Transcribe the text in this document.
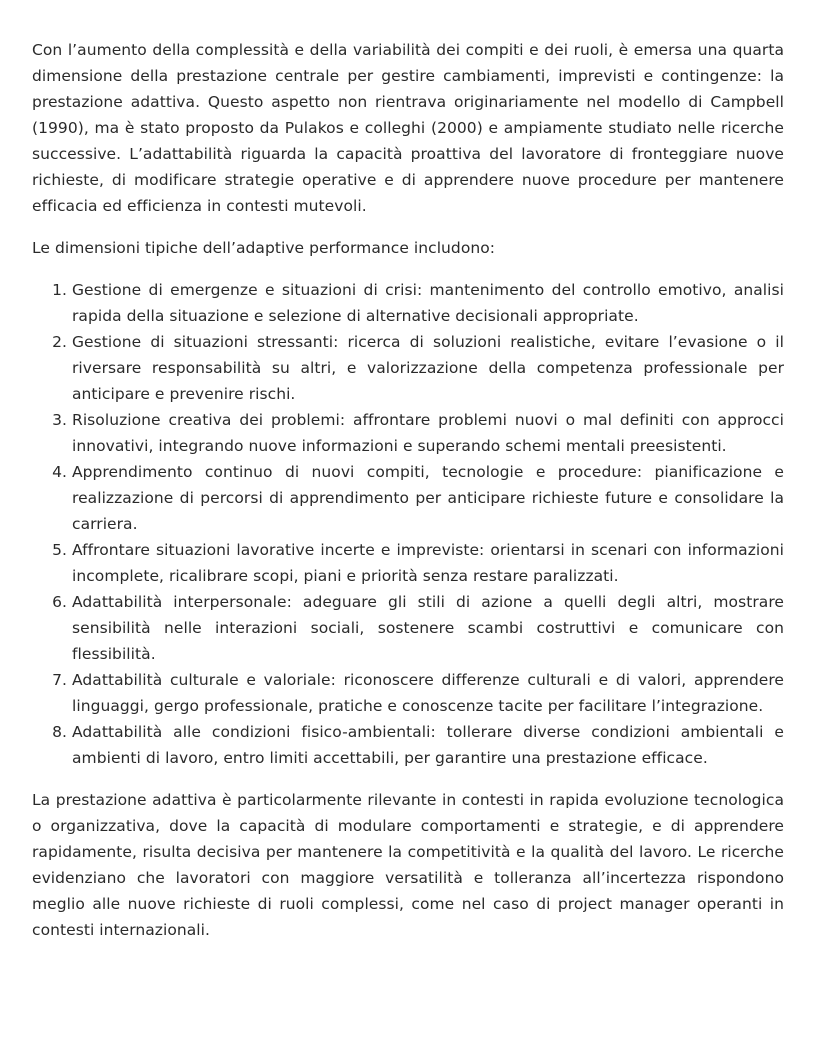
Con l’aumento della complessità e della variabilità dei compiti e dei ruoli, è emersa una quarta dimensione della prestazione centrale per gestire cambiamenti, imprevisti e contingenze: la prestazione adattiva. Questo aspetto non rientrava originariamente nel modello di Campbell (1990), ma è stato proposto da Pulakos e colleghi (2000) e ampiamente studiato nelle ricerche successive. L’adattabilità riguarda la capacità proattiva del lavoratore di fronteggiare nuove richieste, di modificare strategie operative e di apprendere nuove procedure per mantenere efficacia ed efficienza in contesti mutevoli.

Le dimensioni tipiche dell’adaptive performance includono:

1. Gestione di emergenze e situazioni di crisi: mantenimento del controllo emotivo, analisi rapida della situazione e selezione di alternative decisionali appropriate.
2. Gestione di situazioni stressanti: ricerca di soluzioni realistiche, evitare l’evasione o il riversare responsabilità su altri, e valorizzazione della competenza professionale per anticipare e prevenire rischi.
3. Risoluzione creativa dei problemi: affrontare problemi nuovi o mal definiti con approcci innovativi, integrando nuove informazioni e superando schemi mentali preesistenti.
4. Apprendimento continuo di nuovi compiti, tecnologie e procedure: pianificazione e realizzazione di percorsi di apprendimento per anticipare richieste future e consolidare la carriera.
5. Affrontare situazioni lavorative incerte e impreviste: orientarsi in scenari con informazioni incomplete, ricalibrare scopi, piani e priorità senza restare paralizzati.
6. Adattabilità interpersonale: adeguare gli stili di azione a quelli degli altri, mostrare sensibilità nelle interazioni sociali, sostenere scambi costruttivi e comunicare con flessibilità.
7. Adattabilità culturale e valoriale: riconoscere differenze culturali e di valori, apprendere linguaggi, gergo professionale, pratiche e conoscenze tacite per facilitare l’integrazione.
8. Adattabilità alle condizioni fisico-ambientali: tollerare diverse condizioni ambientali e ambienti di lavoro, entro limiti accettabili, per garantire una prestazione efficace.

La prestazione adattiva è particolarmente rilevante in contesti in rapida evoluzione tecnologica o organizzativa, dove la capacità di modulare comportamenti e strategie, e di apprendere rapidamente, risulta decisiva per mantenere la competitività e la qualità del lavoro. Le ricerche evidenziano che lavoratori con maggiore versatilità e tolleranza all’incertezza rispondono meglio alle nuove richieste di ruoli complessi, come nel caso di project manager operanti in contesti internazionali.
